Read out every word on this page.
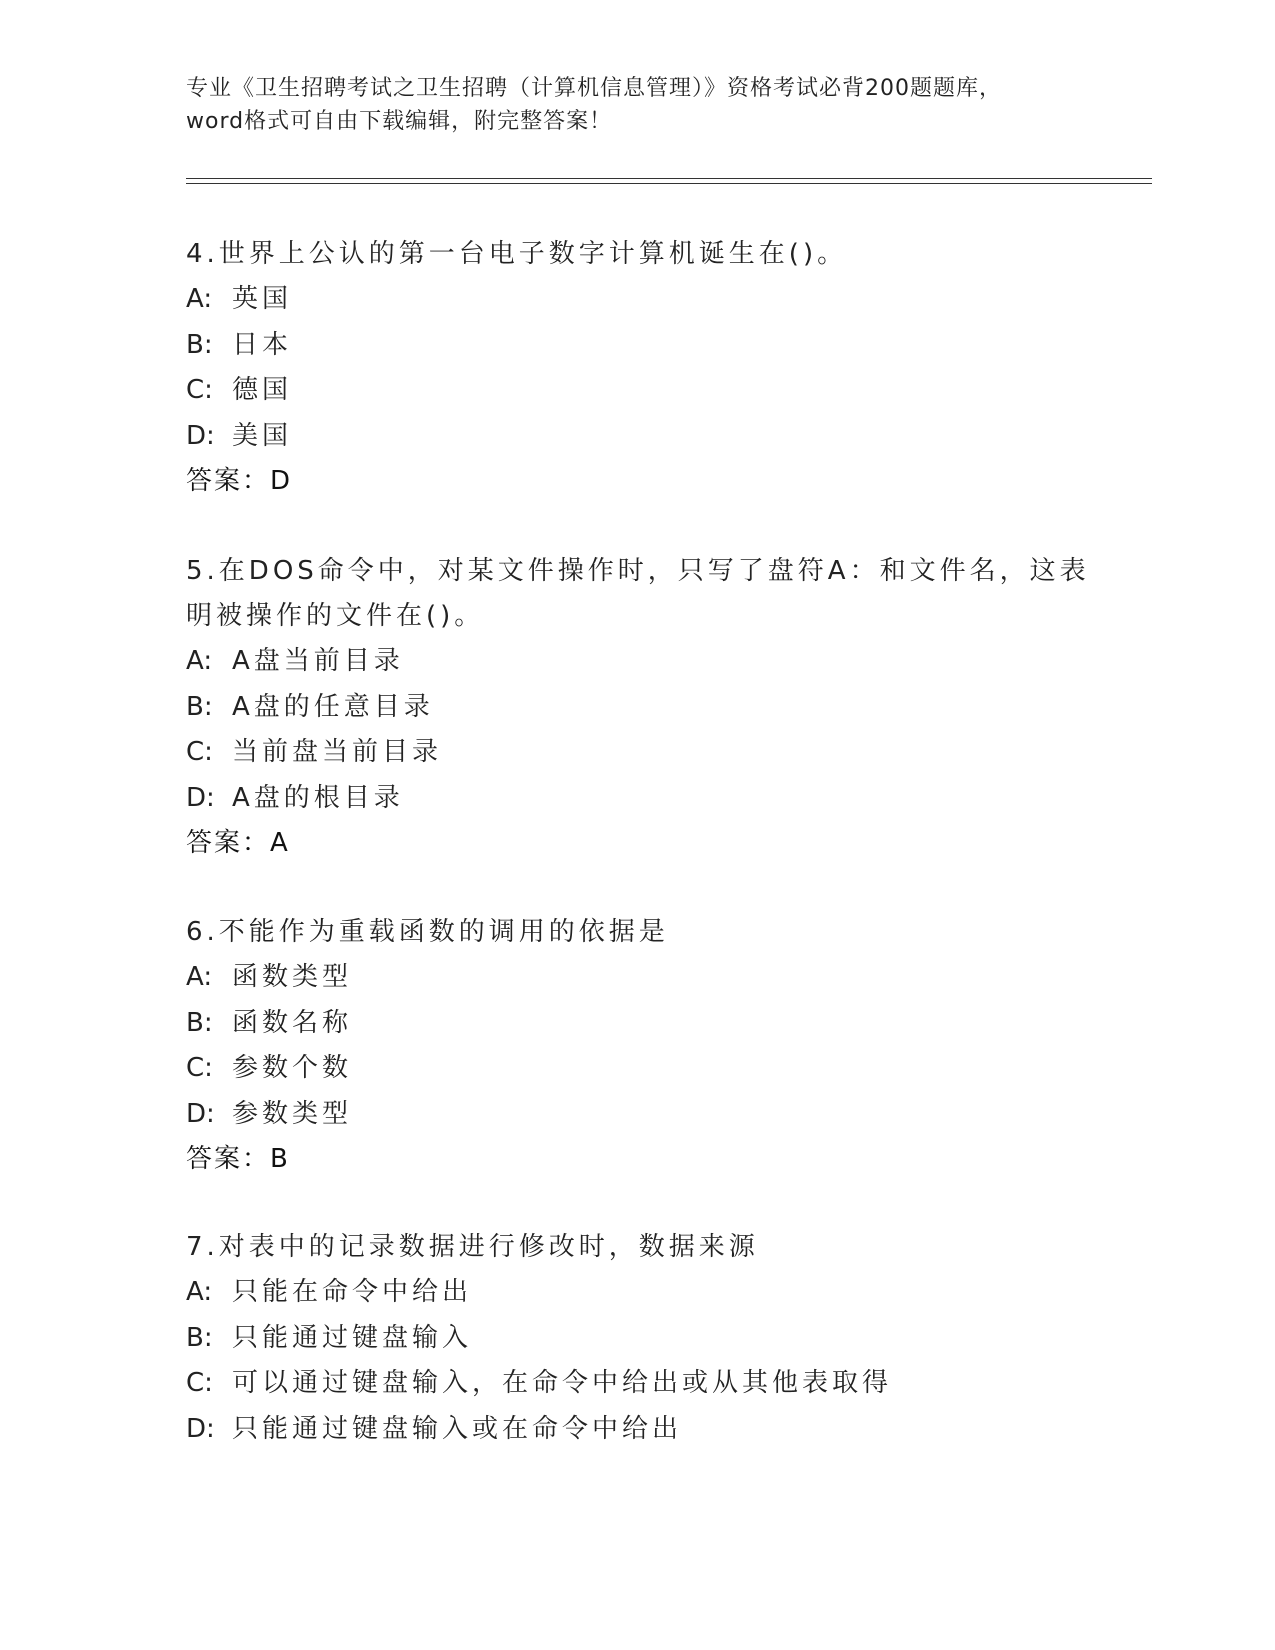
专业《卫生招聘考试之卫生招聘（计算机信息管理）》资格考试必背200题题库，
word格式可自由下载编辑，附完整答案！

4.世界上公认的第一台电子数字计算机诞生在()。

A: 英国
B: 日本
C: 德国
D: 美国
答案：D

5.在DOS命令中，对某文件操作时，只写了盘符A：和文件名，这表明被操作的文件在()。

A: A盘当前目录
B: A盘的任意目录
C: 当前盘当前目录
D: A盘的根目录
答案：A

6.不能作为重载函数的调用的依据是

A: 函数类型
B: 函数名称
C: 参数个数
D: 参数类型
答案：B

7.对表中的记录数据进行修改时，数据来源

A: 只能在命令中给出
B: 只能通过键盘输入
C: 可以通过键盘输入，在命令中给出或从其他表取得
D: 只能通过键盘输入或在命令中给出
